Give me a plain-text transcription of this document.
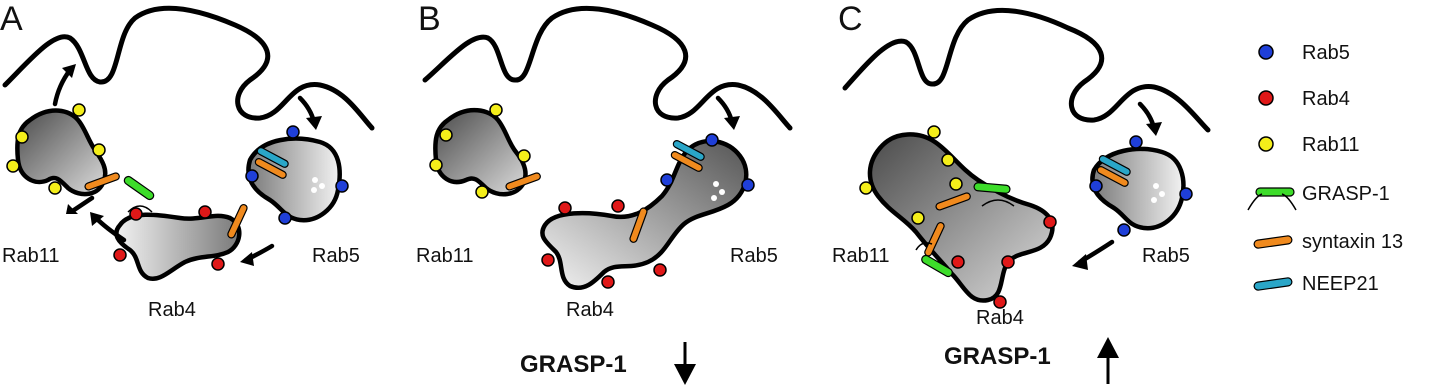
A
Rab11
Rab4
Rab5
B
Rab11
Rab4
Rab5
GRASP-1
C
Rab11
Rab4
Rab5
GRASP-1
Rab5
Rab4
Rab11
GRASP-1
syntaxin 13
NEEP21
